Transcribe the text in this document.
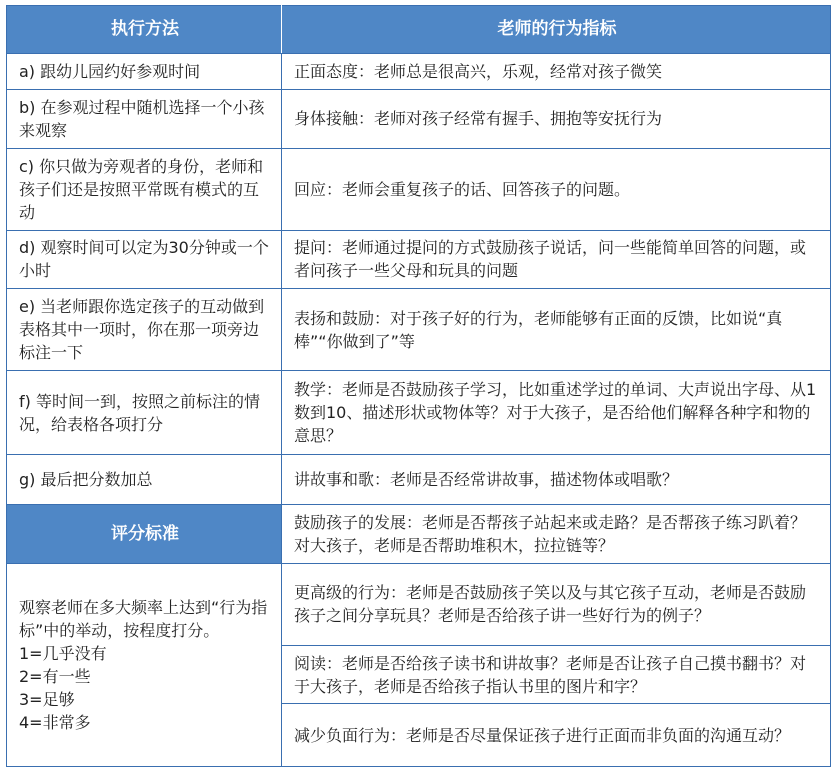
执行方法	老师的行为指标
a) 跟幼儿园约好参观时间	正面态度：老师总是很高兴，乐观，经常对孩子微笑
b) 在参观过程中随机选择一个小孩来观察	身体接触：老师对孩子经常有握手、拥抱等安抚行为
c) 你只做为旁观者的身份，老师和孩子们还是按照平常既有模式的互动	回应：老师会重复孩子的话、回答孩子的问题。
d) 观察时间可以定为30分钟或一个小时	提问：老师通过提问的方式鼓励孩子说话，问一些能简单回答的问题，或者问孩子一些父母和玩具的问题
e) 当老师跟你选定孩子的互动做到表格其中一项时，你在那一项旁边标注一下	表扬和鼓励：对于孩子好的行为，老师能够有正面的反馈，比如说“真棒”“你做到了”等
f) 等时间一到，按照之前标注的情况，给表格各项打分	教学：老师是否鼓励孩子学习，比如重述学过的单词、大声说出字母、从1数到10、描述形状或物体等？对于大孩子，是否给他们解释各种字和物的意思？
g) 最后把分数加总	讲故事和歌：老师是否经常讲故事，描述物体或唱歌？
评分标准	鼓励孩子的发展：老师是否帮孩子站起来或走路？是否帮孩子练习趴着？对大孩子，老师是否帮助堆积木，拉拉链等？

观察老师在多大频率上达到“行为指标”中的举动，按程度打分。
1=几乎没有
2=有一些
3=足够
4=非常多	更高级的行为：老师是否鼓励孩子笑以及与其它孩子互动，老师是否鼓励孩子之间分享玩具？老师是否给孩子讲一些好行为的例子？
	阅读：老师是否给孩子读书和讲故事？老师是否让孩子自己摸书翻书？对于大孩子，老师是否给孩子指认书里的图片和字？
	减少负面行为：老师是否尽量保证孩子进行正面而非负面的沟通互动？
